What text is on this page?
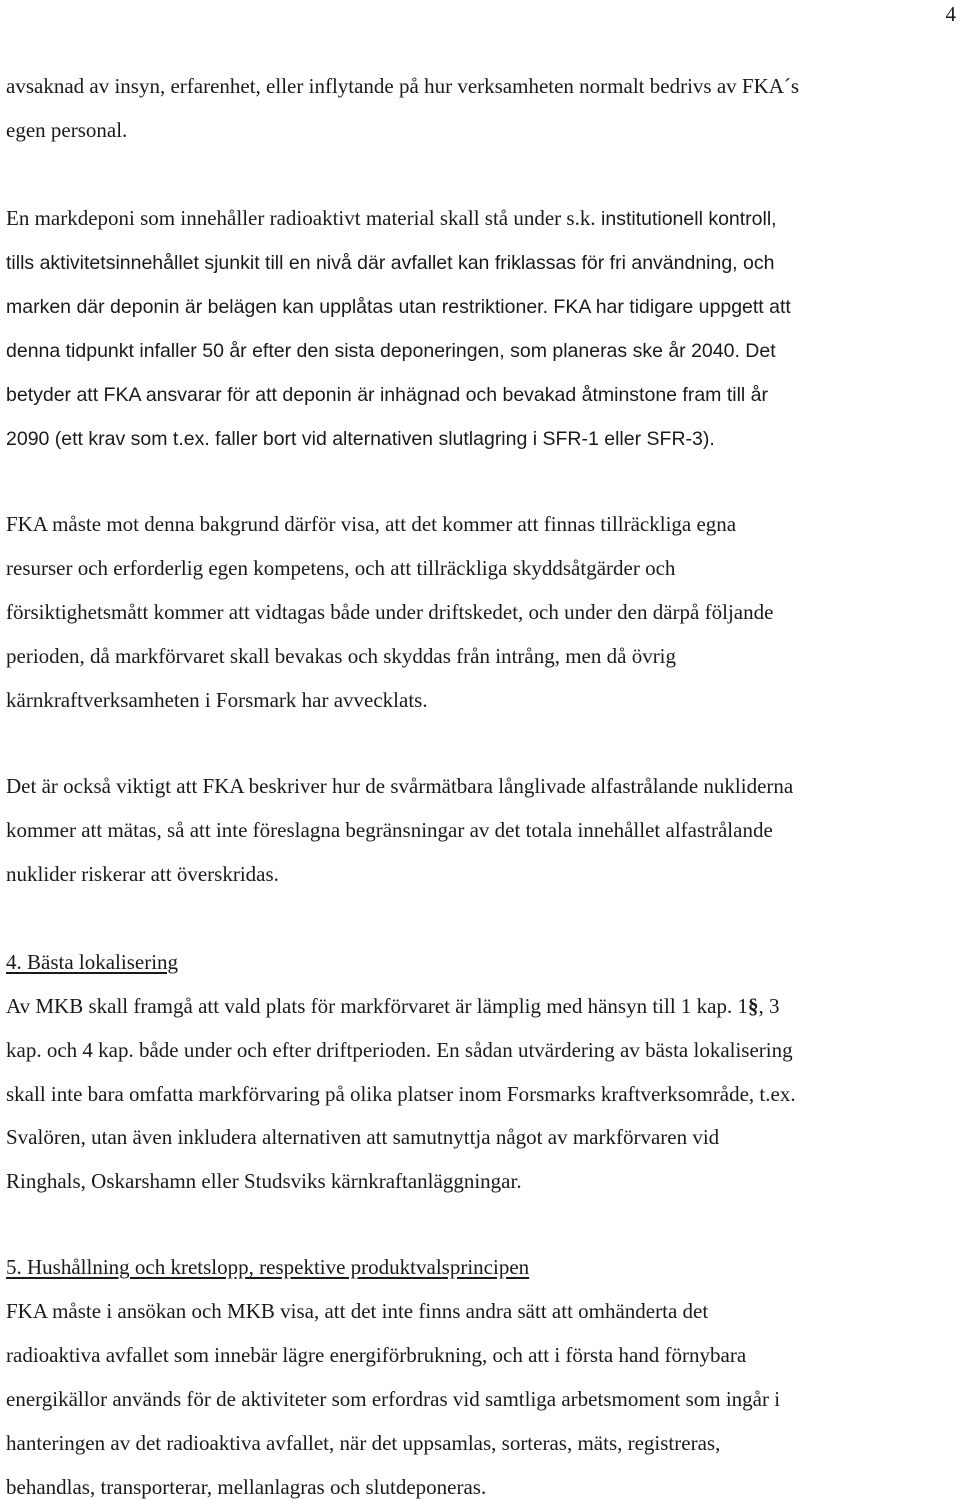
4
avsaknad av insyn, erfarenhet, eller inflytande på hur verksamheten normalt bedrivs av FKA´s
egen personal.
En markdeponi som innehåller radioaktivt material skall stå under s.k. institutionell kontroll,
tills aktivitetsinnehållet sjunkit till en nivå där avfallet kan friklassas för fri användning, och
marken där deponin är belägen kan upplåtas utan restriktioner. FKA har tidigare uppgett att
denna tidpunkt infaller 50 år efter den sista deponeringen, som planeras ske år 2040. Det
betyder att FKA ansvarar för att deponin är inhägnad och bevakad åtminstone fram till år
2090 (ett krav som t.ex. faller bort vid alternativen slutlagring i SFR-1 eller SFR-3).
FKA måste mot denna bakgrund därför visa, att det kommer att finnas tillräckliga egna
resurser och erforderlig egen kompetens, och att tillräckliga skyddsåtgärder och
försiktighetsmått kommer att vidtagas både under driftskedet, och under den därpå följande
perioden, då markförvaret skall bevakas och skyddas från intrång, men då övrig
kärnkraftverksamheten i Forsmark har avvecklats.
Det är också viktigt att FKA beskriver hur de svårmätbara långlivade alfastrålande nukliderna
kommer att mätas, så att inte föreslagna begränsningar av det totala innehållet alfastrålande
nuklider riskerar att överskridas.
4. Bästa lokalisering
Av MKB skall framgå att vald plats för markförvaret är lämplig med hänsyn till 1 kap. 1§, 3
kap. och 4 kap. både under och efter driftperioden. En sådan utvärdering av bästa lokalisering
skall inte bara omfatta markförvaring på olika platser inom Forsmarks kraftverksområde, t.ex.
Svalören, utan även inkludera alternativen att samutnyttja något av markförvaren vid
Ringhals, Oskarshamn eller Studsviks kärnkraftanläggningar.
5. Hushållning och kretslopp, respektive produktvalsprincipen
FKA måste i ansökan och MKB visa, att det inte finns andra sätt att omhänderta det
radioaktiva avfallet som innebär lägre energiförbrukning, och att i första hand förnybara
energikällor används för de aktiviteter som erfordras vid samtliga arbetsmoment som ingår i
hanteringen av det radioaktiva avfallet, när det uppsamlas, sorteras, mäts, registreras,
behandlas, transporterar, mellanlagras och slutdeponeras.
